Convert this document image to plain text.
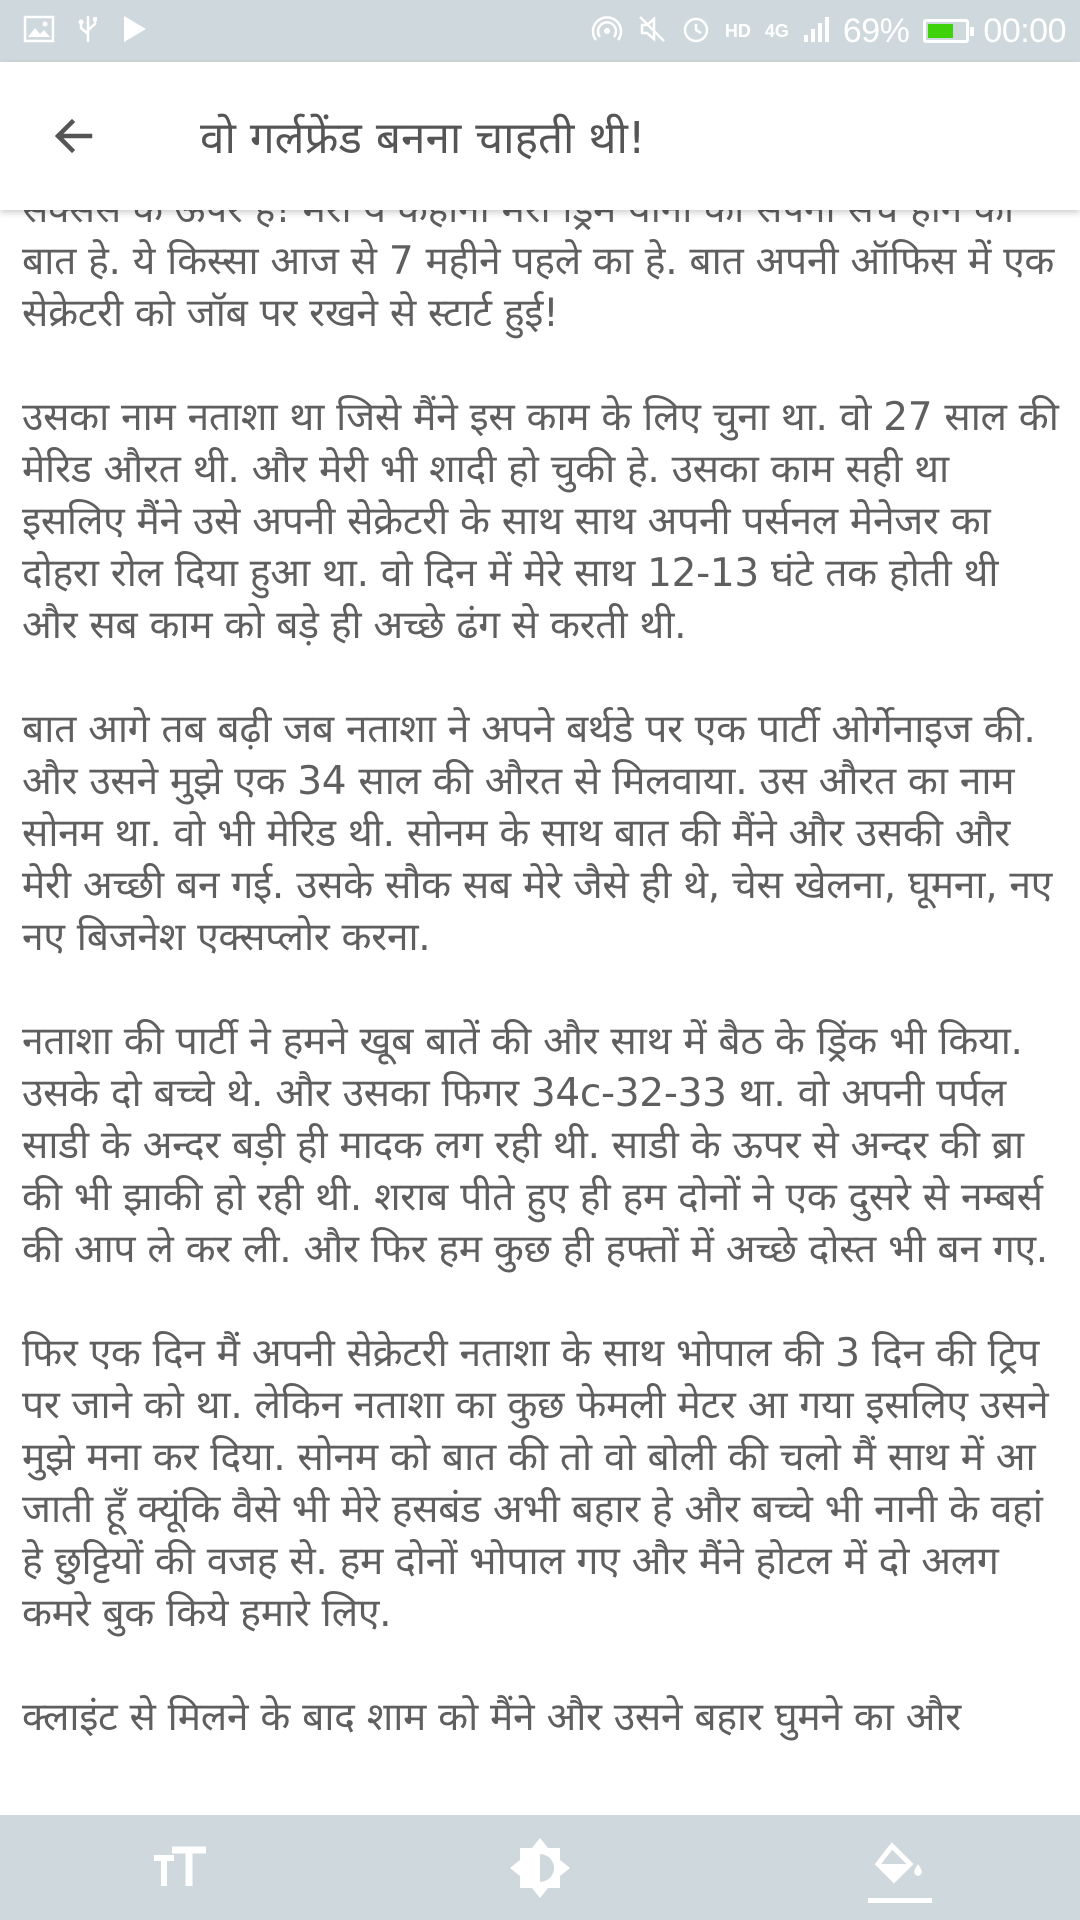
HD 4G 69% 00:00
वो गर्लफ्रेंड बनना चाहती थी!

बात हे. ये किस्सा आज से 7 महीने पहले का हे. बात अपनी ऑफिस में एक सेक्रेटरी को जॉब पर रखने से स्टार्ट हुई!

उसका नाम नताशा था जिसे मैंने इस काम के लिए चुना था. वो 27 साल की मेरिड औरत थी. और मेरी भी शादी हो चुकी हे. उसका काम सही था इसलिए मैंने उसे अपनी सेक्रेटरी के साथ साथ अपनी पर्सनल मेनेजर का दोहरा रोल दिया हुआ था. वो दिन में मेरे साथ 12-13 घंटे तक होती थी और सब काम को बड़े ही अच्छे ढंग से करती थी.

बात आगे तब बढ़ी जब नताशा ने अपने बर्थडे पर एक पार्टी ओर्गेनाइज की. और उसने मुझे एक 34 साल की औरत से मिलवाया. उस औरत का नाम सोनम था. वो भी मेरिड थी. सोनम के साथ बात की मैंने और उसकी और मेरी अच्छी बन गई. उसके सौक सब मेरे जैसे ही थे, चेस खेलना, घूमना, नए नए बिजनेश एक्सप्लोर करना.

नताशा की पार्टी ने हमने खूब बातें की और साथ में बैठ के ड्रिंक भी किया. उसके दो बच्चे थे. और उसका फिगर 34c-32-33 था. वो अपनी पर्पल साडी के अन्दर बड़ी ही मादक लग रही थी. साडी के ऊपर से अन्दर की ब्रा की भी झाकी हो रही थी. शराब पीते हुए ही हम दोनों ने एक दुसरे से नम्बर्स की आप ले कर ली. और फिर हम कुछ ही हफ्तों में अच्छे दोस्त भी बन गए.

फिर एक दिन मैं अपनी सेक्रेटरी नताशा के साथ भोपाल की 3 दिन की ट्रिप पर जाने को था. लेकिन नताशा का कुछ फेमली मेटर आ गया इसलिए उसने मुझे मना कर दिया. सोनम को बात की तो वो बोली की चलो मैं साथ में आ जाती हूँ क्यूंकि वैसे भी मेरे हसबंड अभी बहार हे और बच्चे भी नानी के वहां हे छुट्टियों की वजह से. हम दोनों भोपाल गए और मैंने होटल में दो अलग कमरे बुक किये हमारे लिए.

क्लाइंट से मिलने के बाद शाम को मैंने और उसने बहार घुमने का और
